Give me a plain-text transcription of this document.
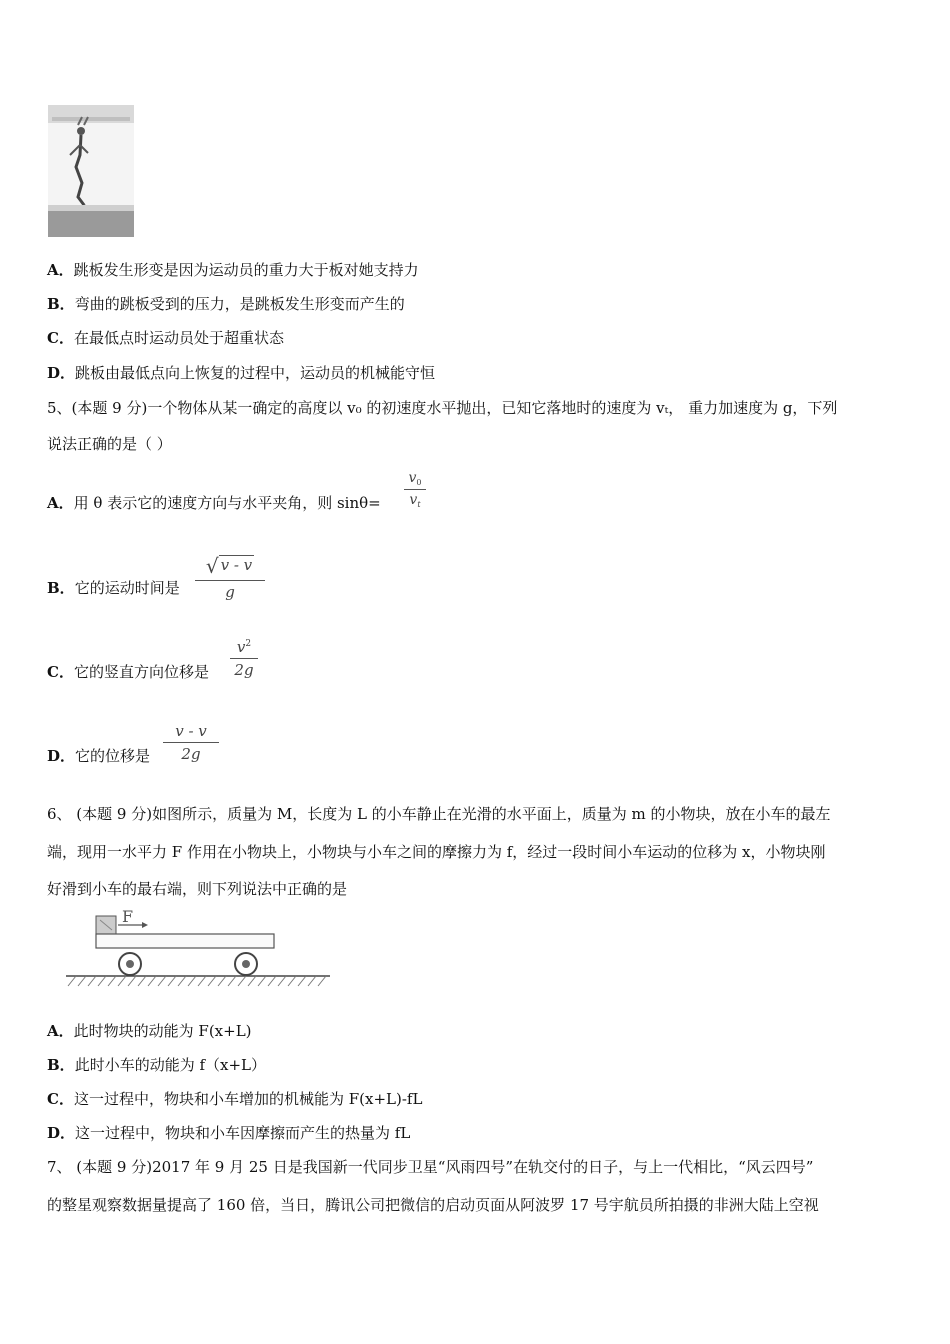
A．跳板发生形变是因为运动员的重力大于板对她支持力
B．弯曲的跳板受到的压力，是跳板发生形变而产生的
C．在最低点时运动员处于超重状态
D．跳板由最低点向上恢复的过程中，运动员的机械能守恒
5、(本题 9 分)一个物体从某一确定的高度以 v₀ 的初速度水平抛出，已知它落地时的速度为 vₜ， 重力加速度为 g，下列
说法正确的是（ ）
A．用 θ 表示它的速度方向与水平夹角，则 sinθ=
$v_0$
$v_t$
B．它的运动时间是
√ v - v
g
C．它的竖直方向位移是
$v^2$
2g
D．它的位移是
v - v
2g
6、 (本题 9 分)如图所示，质量为 M，长度为 L 的小车静止在光滑的水平面上，质量为 m 的小物块，放在小车的最左
端，现用一水平力 F 作用在小物块上，小物块与小车之间的摩擦力为 f，经过一段时间小车运动的位移为 x，小物块刚
好滑到小车的最右端，则下列说法中正确的是
F
A．此时物块的动能为 F(x+L)
B．此时小车的动能为 f（x+L）
C．这一过程中，物块和小车增加的机械能为 F(x+L)-fL
D．这一过程中，物块和小车因摩擦而产生的热量为 fL
7、 (本题 9 分)2017 年 9 月 25 日是我国新一代同步卫星“风雨四号”在轨交付的日子，与上一代相比，“风云四号”
的整星观察数据量提高了 160 倍，当日，腾讯公司把微信的启动页面从阿波罗 17 号宇航员所拍摄的非洲大陆上空视
